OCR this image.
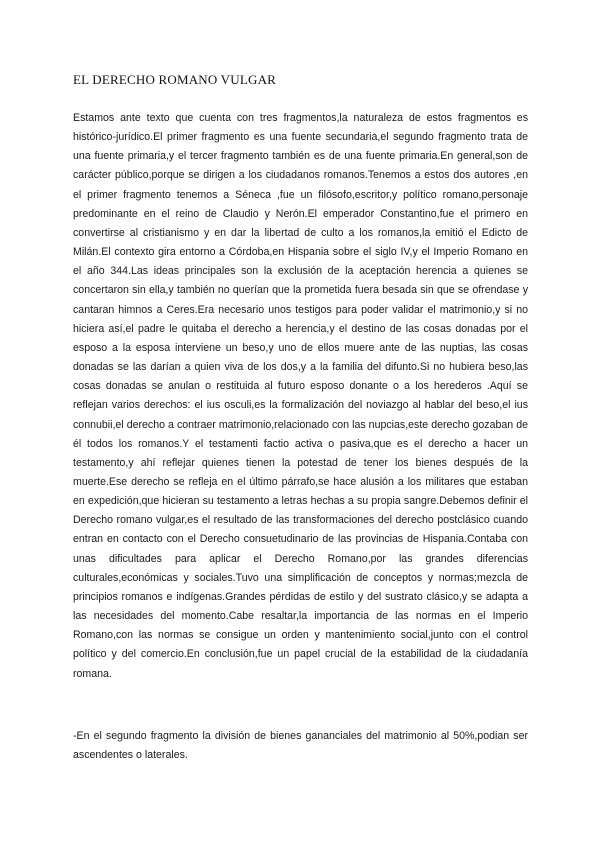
EL DERECHO ROMANO VULGAR

Estamos ante texto que cuenta con tres fragmentos,la naturaleza de estos fragmentos es histórico-jurídico.El primer fragmento es una fuente secundaria,el segundo fragmento trata de una fuente primaria,y el tercer fragmento también es de una fuente primaria.En general,son de carácter público,porque se dirigen a los ciudadanos romanos.Tenemos a estos dos autores ,en el primer fragmento tenemos a Séneca ,fue un filósofo,escritor,y político romano,personaje predominante en el reino de Claudio y Nerón.El emperador Constantino,fue el primero en convertirse al cristianismo y en dar la libertad de culto a los romanos,la emitió el Edicto de Milán.El contexto gira entorno a Córdoba,en Hispania sobre el siglo IV,y el Imperio Romano en el año 344.Las ideas principales son la exclusión de la aceptación herencia a quienes se concertaron sin ella,y también no querían que la prometida fuera besada sin que se ofrendase y cantaran himnos a Ceres.Era necesario unos testigos para poder validar el matrimonio,y si no hiciera así,el padre le quitaba el derecho a herencia,y el destino de las cosas donadas por el esposo a la esposa interviene un beso,y uno de ellos muere ante de las nuptias, las cosas donadas se las darían a quien viva de los dos,y a la familia del difunto.Si no hubiera beso,las cosas donadas se anulan o restituida al futuro esposo donante o a los herederos .Aquí se reflejan varios derechos: el ius osculi,es la formalización del noviazgo al hablar del beso,el ius connubii,el derecho a contraer matrimonio,relacionado con las nupcias,este derecho gozaban de él todos los romanos.Y el testamenti factio activa o pasiva,que es el derecho a hacer un testamento,y ahí reflejar quienes tienen la potestad de tener los bienes después de la muerte.Ese derecho se refleja en el último párrafo,se hace alusión a los militares que estaban en expedición,que hicieran su testamento a letras hechas a su propia sangre.Debemos definir el Derecho romano vulgar,es el resultado de las transformaciones del derecho postclásico cuando entran en contacto con el Derecho consuetudinario de las provincias de Hispania.Contaba con unas dificultades para aplicar el Derecho Romano,por las grandes diferencias culturales,económicas y sociales.Tuvo una simplificación de conceptos y normas;mezcla de principios romanos e indígenas.Grandes pérdidas de estilo y del sustrato clásico,y se adapta a las necesidades del momento.Cabe resaltar,la importancia de las normas en el Imperio Romano,con las normas se consigue un orden y mantenimiento social,junto con el control político y del comercio.En conclusión,fue un papel crucial de la estabilidad de la ciudadanía romana.

-En el segundo fragmento la división de bienes gananciales del matrimonio al 50%,podian ser ascendentes o laterales.
